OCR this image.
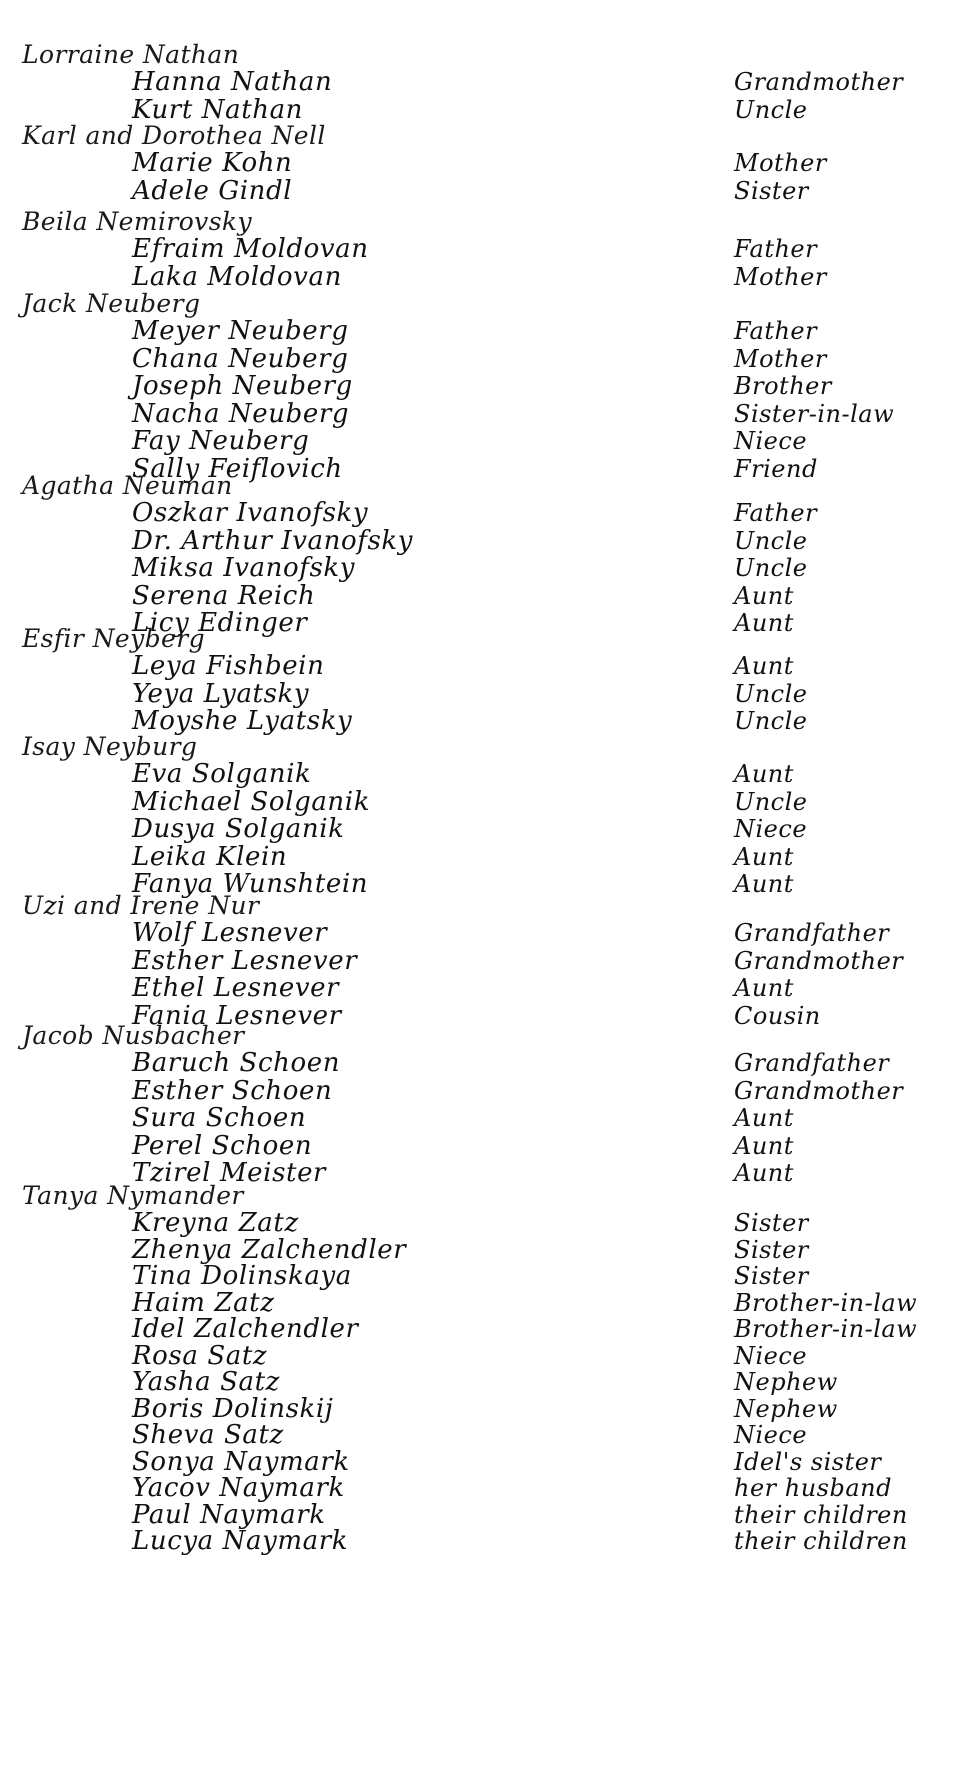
Lorraine Nathan
Hanna Nathan	Grandmother
Kurt Nathan	Uncle
Karl and Dorothea Nell
Marie Kohn	Mother
Adele Gindl	Sister
Beila Nemirovsky
Efraim Moldovan	Father
Laka Moldovan	Mother
Jack Neuberg
Meyer Neuberg	Father
Chana Neuberg	Mother
Joseph Neuberg	Brother
Nacha Neuberg	Sister-in-law
Fay Neuberg	Niece
Sally Feiflovich	Friend
Agatha Neuman
Oszkar Ivanofsky	Father
Dr. Arthur Ivanofsky	Uncle
Miksa Ivanofsky	Uncle
Serena Reich	Aunt
Licy Edinger	Aunt
Esfir Neyberg
Leya Fishbein	Aunt
Yeya Lyatsky	Uncle
Moyshe Lyatsky	Uncle
Isay Neyburg
Eva Solganik	Aunt
Michael Solganik	Uncle
Dusya Solganik	Niece
Leika Klein	Aunt
Fanya Wunshtein	Aunt
Uzi and Irene Nur
Wolf Lesnever	Grandfather
Esther Lesnever	Grandmother
Ethel Lesnever	Aunt
Fania Lesnever	Cousin
Jacob Nusbacher
Baruch Schoen	Grandfather
Esther Schoen	Grandmother
Sura Schoen	Aunt
Perel Schoen	Aunt
Tzirel Meister	Aunt
Tanya Nymander
Kreyna Zatz	Sister
Zhenya Zalchendler	Sister
Tina Dolinskaya	Sister
Haim Zatz	Brother-in-law
Idel Zalchendler	Brother-in-law
Rosa Satz	Niece
Yasha Satz	Nephew
Boris Dolinskij	Nephew
Sheva Satz	Niece
Sonya Naymark	Idel's sister
Yacov Naymark	her husband
Paul Naymark	their children
Lucya Naymark	their children
